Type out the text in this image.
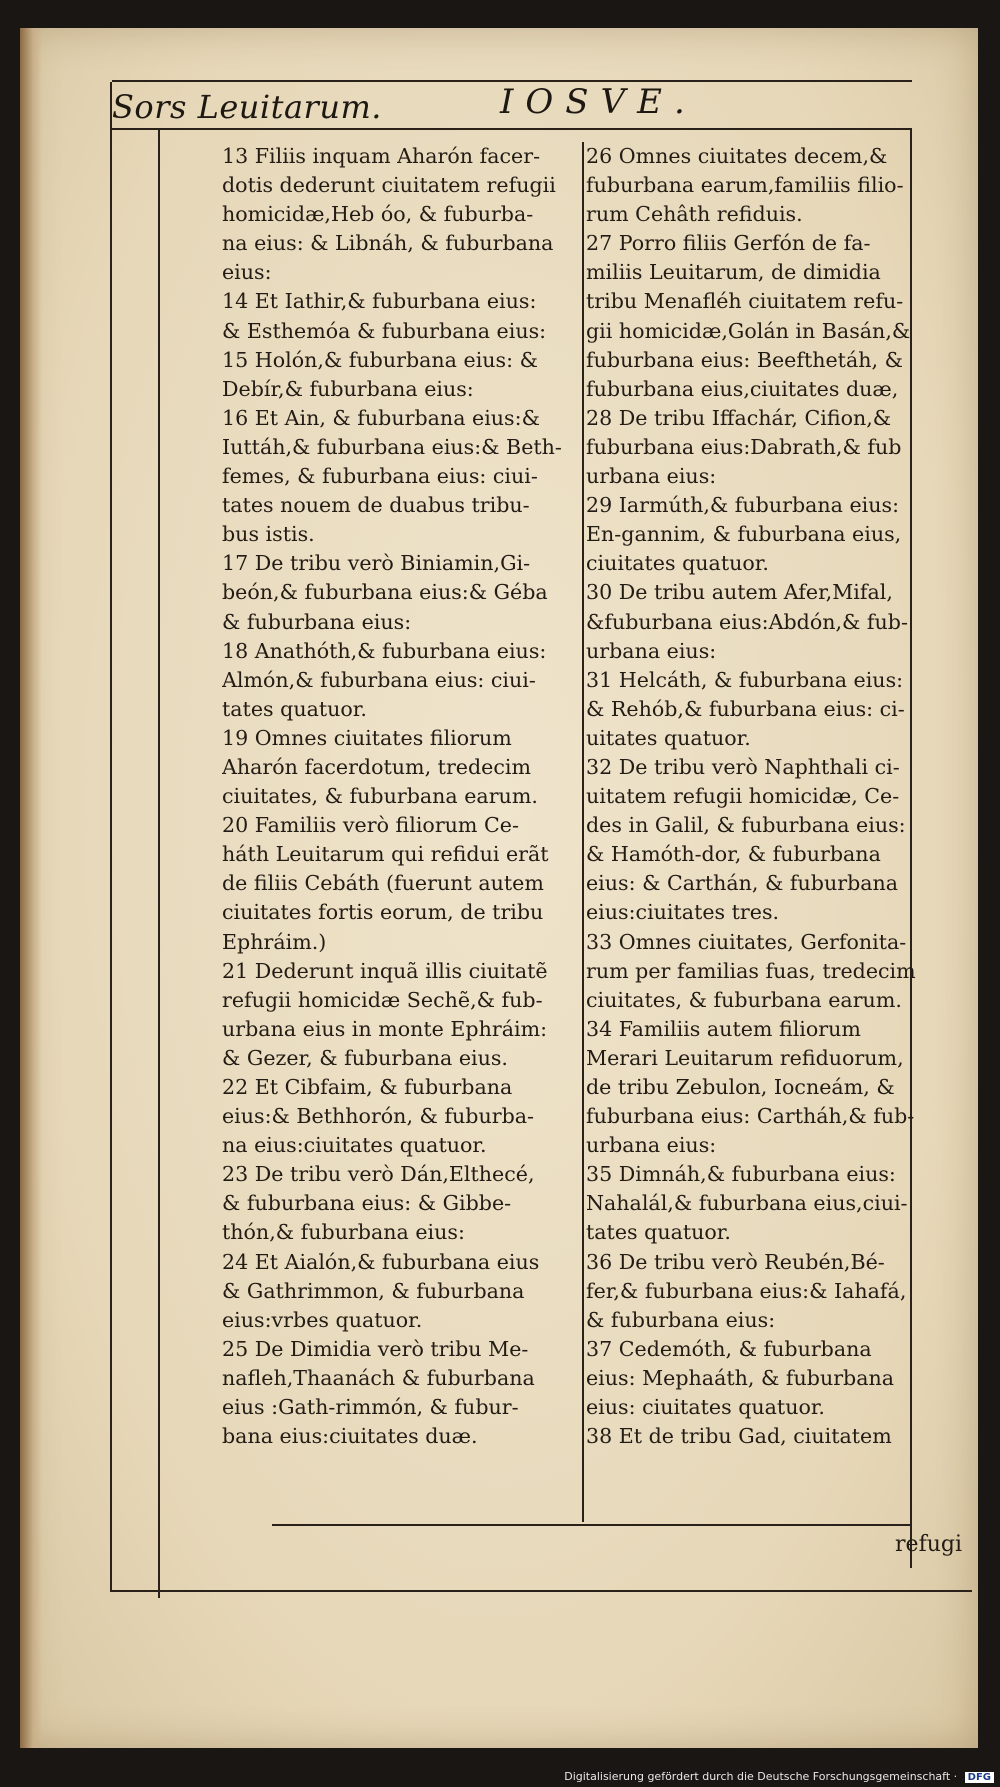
Sors Leuitarum.	IOSVE.
13 Filiis inquam Aharón facer-
dotis dederunt ciuitatem refugii
homicidæ,Heb óo, & fuburba-
na eius: & Libnáh, & fuburbana
eius:
14 Et Iathir,& fuburbana eius:
& Esthemóa & fuburbana eius:
15 Holón,& fuburbana eius: &
Debír,& fuburbana eius:
16 Et Ain, & fuburbana eius:&
Iuttáh,& fuburbana eius:& Beth-
femes, & fuburbana eius: ciui-
tates nouem de duabus tribu-
bus istis.
17 De tribu verò Biniamin,Gi-
beón,& fuburbana eius:& Géba
& fuburbana eius:
18 Anathóth,& fuburbana eius:
Almón,& fuburbana eius: ciui-
tates quatuor.
19 Omnes ciuitates filiorum
Aharón facerdotum, tredecim
ciuitates, & fuburbana earum.
20 Familiis verò filiorum Ce-
háth Leuitarum qui refidui erãt
de filiis Cebáth (fuerunt autem
ciuitates fortis eorum, de tribu
Ephráim.)
21 Dederunt inquã illis ciuitatẽ
refugii homicidæ Sechẽ,& fub-
urbana eius in monte Ephráim:
& Gezer, & fuburbana eius.
22 Et Cibfaim, & fuburbana
eius:& Bethhorón, & fuburba-
na eius:ciuitates quatuor.
23 De tribu verò Dán,Elthecé,
& fuburbana eius: & Gibbe-
thón,& fuburbana eius:
24 Et Aialón,& fuburbana eius
& Gathrimmon, & fuburbana
eius:vrbes quatuor.
25 De Dimidia verò tribu Me-
nafleh,Thaanách & fuburbana
eius :Gath-rimmón, & fubur-
bana eius:ciuitates duæ.
26 Omnes ciuitates decem,&
fuburbana earum,familiis filio-
rum Cehâth refiduis.
27 Porro filiis Gerfón de fa-
miliis Leuitarum, de dimidia
tribu Menafléh ciuitatem refu-
gii homicidæ,Golán in Basán,&
fuburbana eius: Beefthetáh, &
fuburbana eius,ciuitates duæ,
28 De tribu Iffachár, Cifion,&
fuburbana eius:Dabrath,& fub
urbana eius:
29 Iarmúth,& fuburbana eius:
En-gannim, & fuburbana eius,
ciuitates quatuor.
30 De tribu autem Afer,Mifal,
&fuburbana eius:Abdón,& fub-
urbana eius:
31 Helcáth, & fuburbana eius:
& Rehób,& fuburbana eius: ci-
uitates quatuor.
32 De tribu verò Naphthali ci-
uitatem refugii homicidæ, Ce-
des in Galil, & fuburbana eius:
& Hamóth-dor, & fuburbana
eius: & Carthán, & fuburbana
eius:ciuitates tres.
33 Omnes ciuitates, Gerfonita-
rum per familias fuas, tredecim
ciuitates, & fuburbana earum.
34 Familiis autem filiorum
Merari Leuitarum refiduorum,
de tribu Zebulon, Iocneám, &
fuburbana eius: Cartháh,& fub-
urbana eius:
35 Dimnáh,& fuburbana eius:
Nahalál,& fuburbana eius,ciui-
tates quatuor.
36 De tribu verò Reubén,Bé-
fer,& fuburbana eius:& Iahafá,
& fuburbana eius:
37 Cedemóth, & fuburbana
eius: Mephaáth, & fuburbana
eius: ciuitates quatuor.
38 Et de tribu Gad, ciuitatem
refugi
Digitalisierung gefördert durch die Deutsche Forschungsgemeinschaft · DFG
